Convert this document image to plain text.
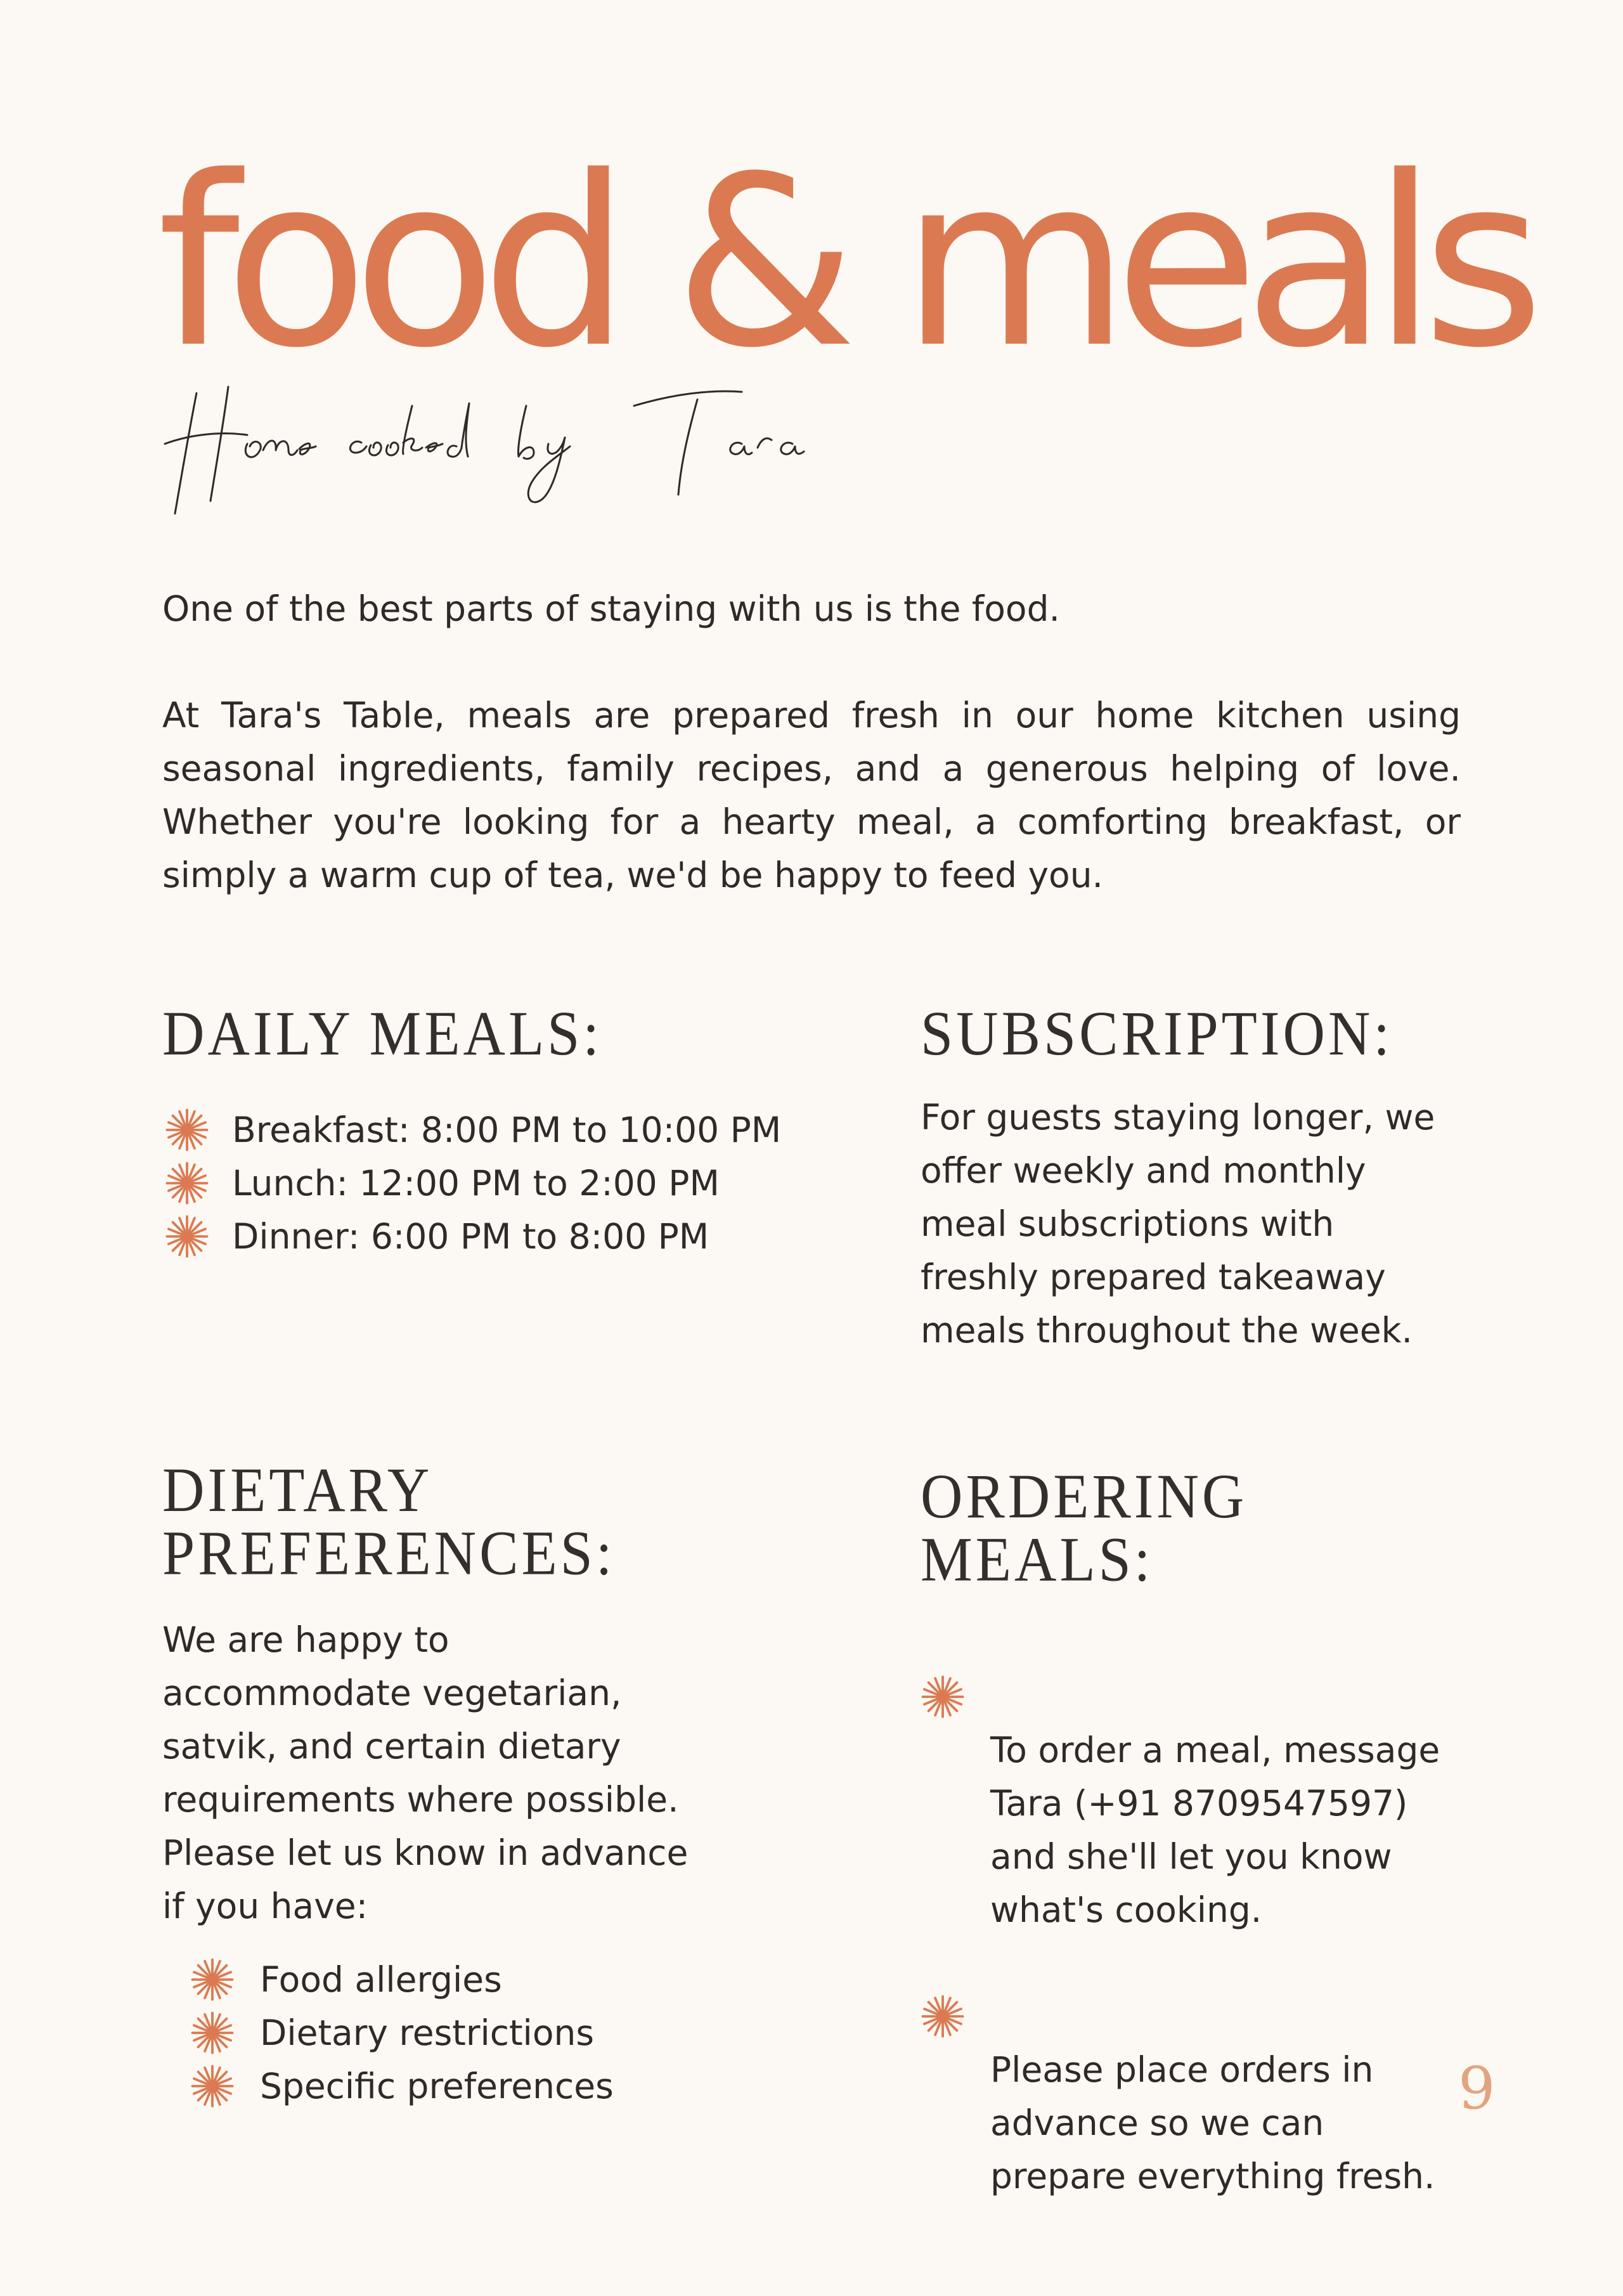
food & meals

One of the best parts of staying with us is the food.

At Tara's Table, meals are prepared fresh in our home kitchen using seasonal ingredients, family recipes, and a generous helping of love. Whether you're looking for a hearty meal, a comforting breakfast, or simply a warm cup of tea, we'd be happy to feed you.

DAILY MEALS:
Breakfast: 8:00 PM to 10:00 PM
Lunch: 12:00 PM to 2:00 PM
Dinner: 6:00 PM to 8:00 PM
SUBSCRIPTION:

For guests staying longer, we
offer weekly and monthly
meal subscriptions with
freshly prepared takeaway
meals throughout the week.

DIETARY
PREFERENCES:

We are happy to
accommodate vegetarian,
satvik, and certain dietary
requirements where possible.
Please let us know in advance
if you have:

Food allergies
Dietary restrictions
Specific preferences
ORDERING
MEALS:

To order a meal, message
Tara (+91 8709547597)
and she'll let you know
what's cooking.

Please place orders in
advance so we can
prepare everything fresh.

9
